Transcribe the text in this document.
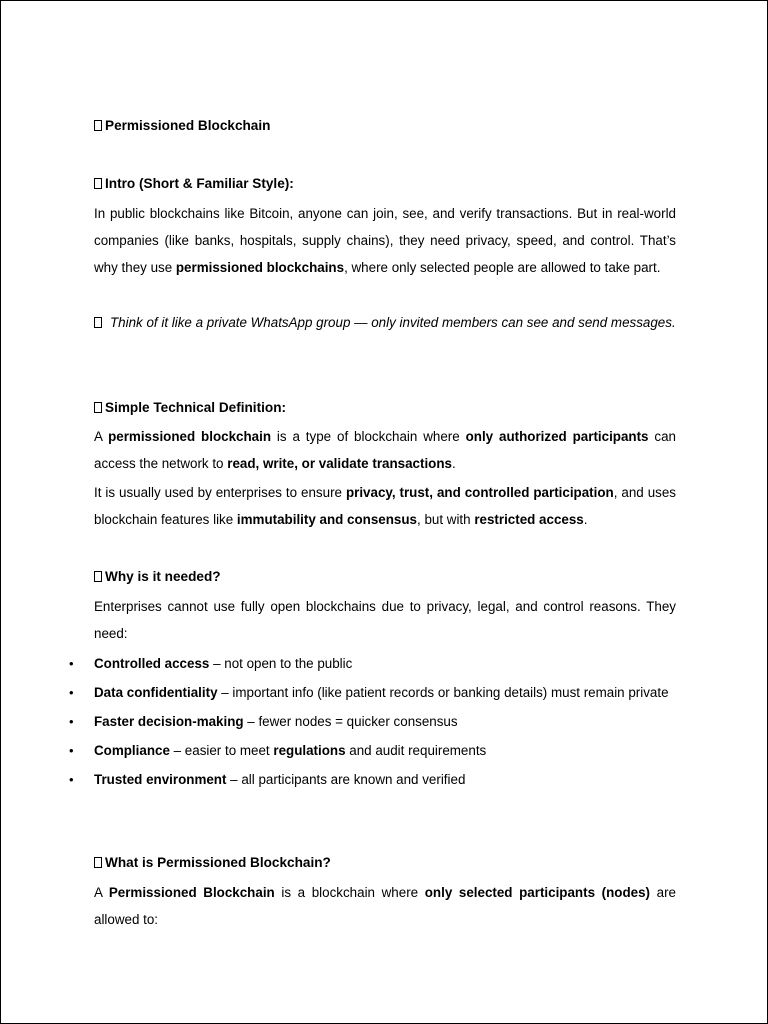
Permissioned Blockchain
Intro (Short & Familiar Style):
In public blockchains like Bitcoin, anyone can join, see, and verify transactions. But in real-world companies (like banks, hospitals, supply chains), they need privacy, speed, and control. That’s why they use permissioned blockchains, where only selected people are allowed to take part.
Think of it like a private WhatsApp group — only invited members can see and send messages.
Simple Technical Definition:
A permissioned blockchain is a type of blockchain where only authorized participants can access the network to read, write, or validate transactions.
It is usually used by enterprises to ensure privacy, trust, and controlled participation, and uses blockchain features like immutability and consensus, but with restricted access.
Why is it needed?
Enterprises cannot use fully open blockchains due to privacy, legal, and control reasons. They need:
• Controlled access – not open to the public
• Data confidentiality – important info (like patient records or banking details) must remain private
• Faster decision-making – fewer nodes = quicker consensus
• Compliance – easier to meet regulations and audit requirements
• Trusted environment – all participants are known and verified
What is Permissioned Blockchain?
A Permissioned Blockchain is a blockchain where only selected participants (nodes) are allowed to:
